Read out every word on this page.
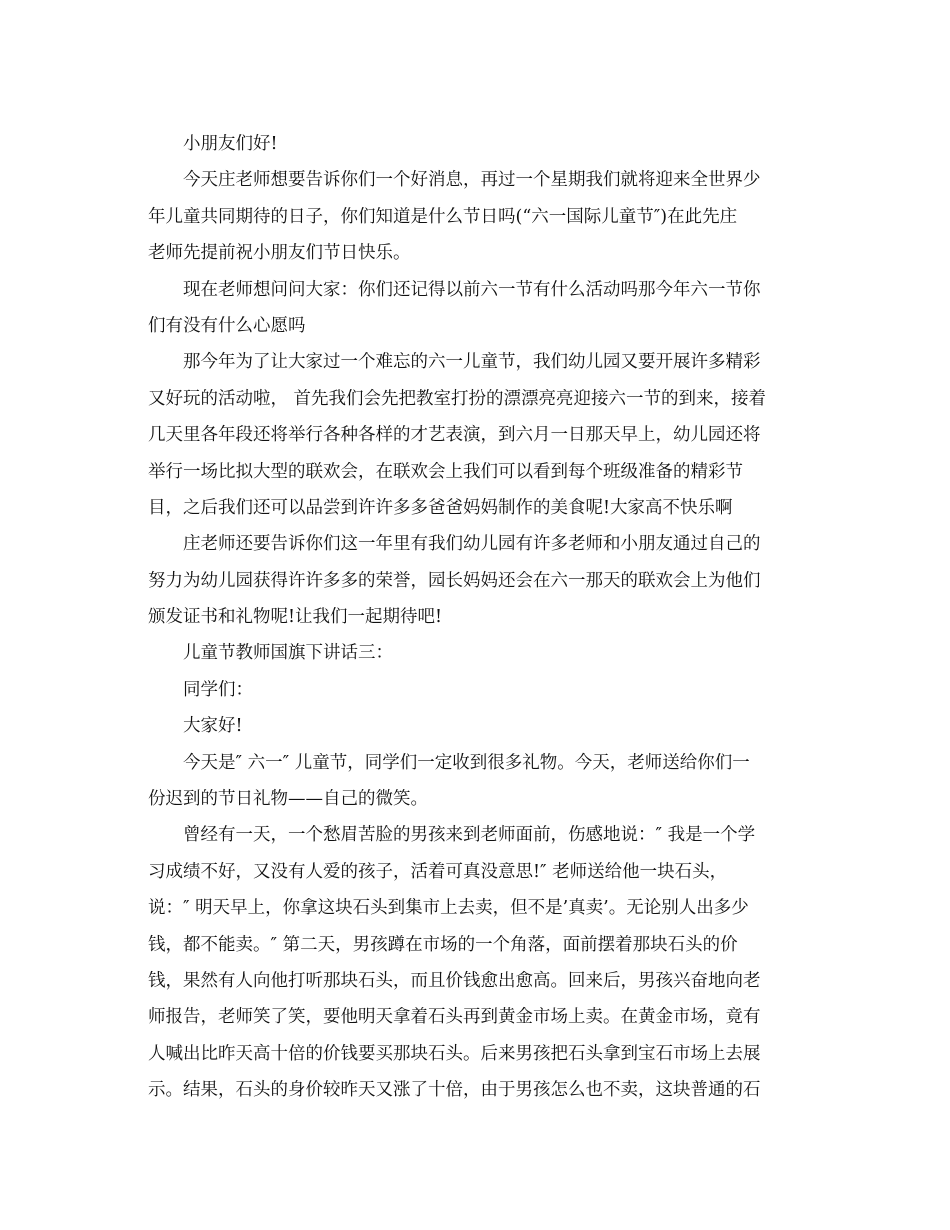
小朋友们好!

今天庄老师想要告诉你们一个好消息，再过一个星期我们就将迎来全世界少
年儿童共同期待的日子，你们知道是什么节日吗(“六一国际儿童节″)在此先庄
老师先提前祝小朋友们节日快乐。

现在老师想问问大家：你们还记得以前六一节有什么活动吗那今年六一节你
们有没有什么心愿吗

那今年为了让大家过一个难忘的六一儿童节，我们幼儿园又要开展许多精彩
又好玩的活动啦， 首先我们会先把教室打扮的漂漂亮亮迎接六一节的到来，接着
几天里各年段还将举行各种各样的才艺表演，到六月一日那天早上，幼儿园还将
举行一场比拟大型的联欢会，在联欢会上我们可以看到每个班级准备的精彩节
目，之后我们还可以品尝到许许多多爸爸妈妈制作的美食呢!大家高不快乐啊

庄老师还要告诉你们这一年里有我们幼儿园有许多老师和小朋友通过自己的
努力为幼儿园获得许许多多的荣誉，园长妈妈还会在六一那天的联欢会上为他们
颁发证书和礼物呢!让我们一起期待吧!

儿童节教师国旗下讲话三：

同学们：

大家好!

今天是″ 六一″ 儿童节，同学们一定收到很多礼物。今天，老师送给你们一
份迟到的节日礼物——自己的微笑。

曾经有一天，一个愁眉苦脸的男孩来到老师面前，伤感地说：″ 我是一个学
习成绩不好，又没有人爱的孩子，活着可真没意思!″ 老师送给他一块石头，
说：″ 明天早上，你拿这块石头到集市上去卖，但不是’真卖’。无论别人出多少
钱，都不能卖。″ 第二天，男孩蹲在市场的一个角落，面前摆着那块石头的价
钱，果然有人向他打听那块石头，而且价钱愈出愈高。回来后，男孩兴奋地向老
师报告，老师笑了笑，要他明天拿着石头再到黄金市场上卖。在黄金市场，竟有
人喊出比昨天高十倍的价钱要买那块石头。后来男孩把石头拿到宝石市场上去展
示。结果，石头的身价较昨天又涨了十倍，由于男孩怎么也不卖，这块普通的石
